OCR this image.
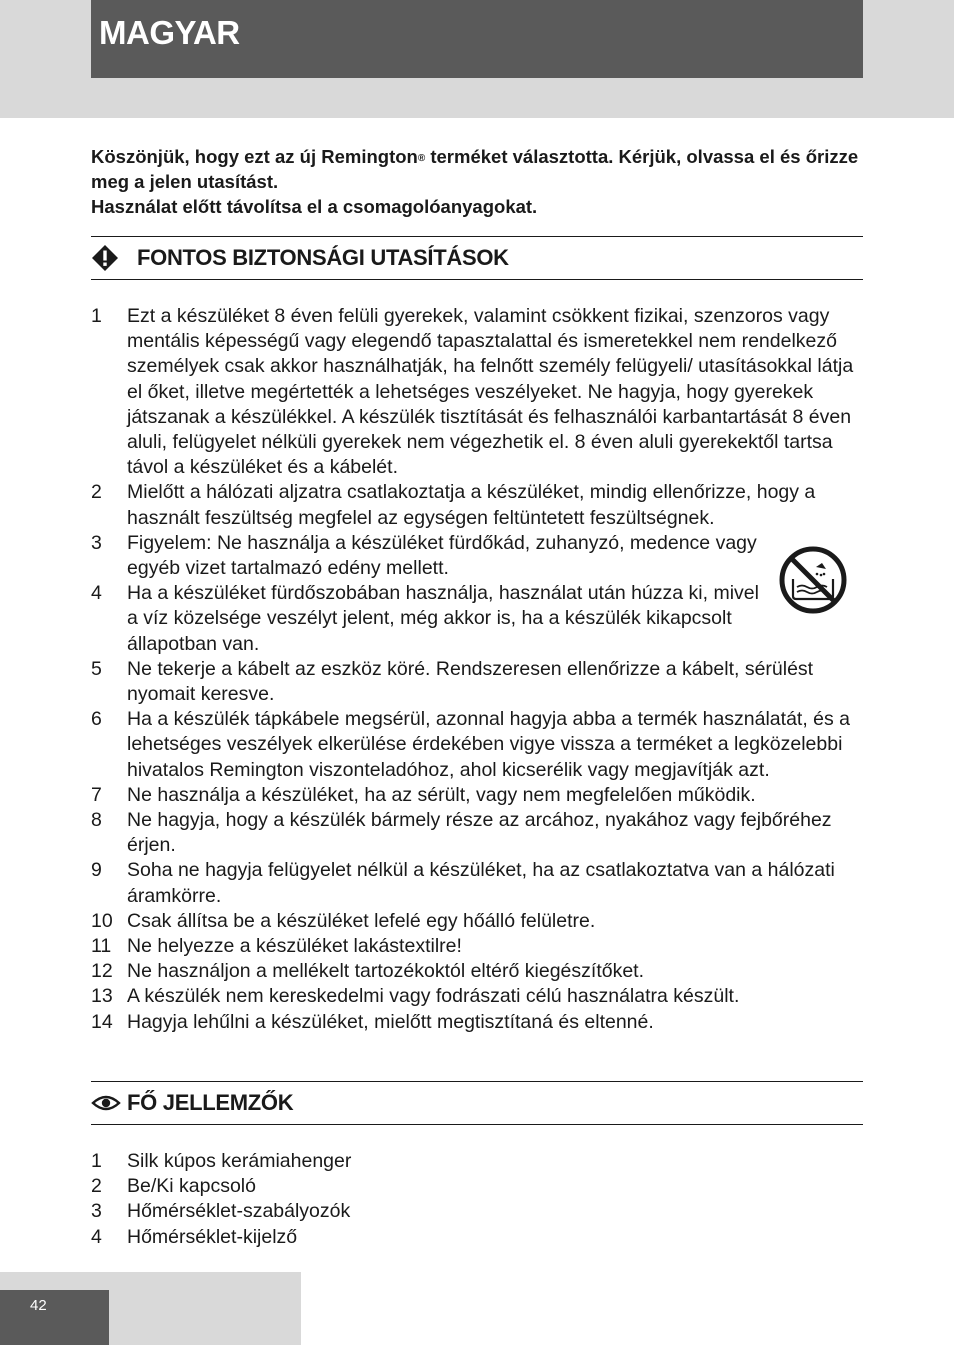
MAGYAR

Köszönjük, hogy ezt az új Remington® terméket választotta. Kérjük, olvassa el és őrizze meg a jelen utasítást.

Használat előtt távolítsa el a csomagolóanyagokat.

FONTOS BIZTONSÁGI UTASÍTÁSOK
1	Ezt a készüléket 8 éven felüli gyerekek, valamint csökkent fizikai, szenzoros vagy mentális képességű vagy elegendő tapasztalattal és ismeretekkel nem rendelkező személyek csak akkor használhatják, ha felnőtt személy felügyeli/ utasításokkal látja el őket, illetve megértették a lehetséges veszélyeket. Ne hagyja, hogy gyerekek játszanak a készülékkel. A készülék tisztítását és felhasználói karbantartását 8 éven aluli, felügyelet nélküli gyerekek nem végezhetik el. 8 éven aluli gyerekektől tartsa távol a készüléket és a kábelét.
2	Mielőtt a hálózati aljzatra csatlakoztatja a készüléket, mindig ellenőrizze, hogy a használt feszültség megfelel az egységen feltüntetett feszültségnek.
3	Figyelem: Ne használja a készüléket fürdőkád, zuhanyzó, medence vagy egyéb vizet tartalmazó edény mellett.
4	Ha a készüléket fürdőszobában használja, használat után húzza ki, mivel a víz közelsége veszélyt jelent, még akkor is, ha a készülék kikapcsolt állapotban van.
5	Ne tekerje a kábelt az eszköz köré. Rendszeresen ellenőrizze a kábelt, sérülést nyomait keresve.
6	Ha a készülék tápkábele megsérül, azonnal hagyja abba a termék használatát, és a lehetséges veszélyek elkerülése érdekében vigye vissza a terméket a legközelebbi hivatalos Remington viszonteladóhoz, ahol kicserélik vagy megjavítják azt.
7	Ne használja a készüléket, ha az sérült, vagy nem megfelelően működik.
8	Ne hagyja, hogy a készülék bármely része az arcához, nyakához vagy fejbőréhez érjen.
9	Soha ne hagyja felügyelet nélkül a készüléket, ha az csatlakoztatva van a hálózati áramkörre.
10 Csak állítsa be a készüléket lefelé egy hőálló felületre.
11 Ne helyezze a készüléket lakástextilre!
12 Ne használjon a mellékelt tartozékoktól eltérő kiegészítőket.
13 A készülék nem kereskedelmi vagy fodrászati célú használatra készült.
14 Hagyja lehűlni a készüléket, mielőtt megtisztítaná és eltenné.
FŐ JELLEMZŐK
1	Silk kúpos kerámiahenger
2	Be/Ki kapcsoló
3	Hőmérséklet-szabályozók
4	Hőmérséklet-kijelző
42
